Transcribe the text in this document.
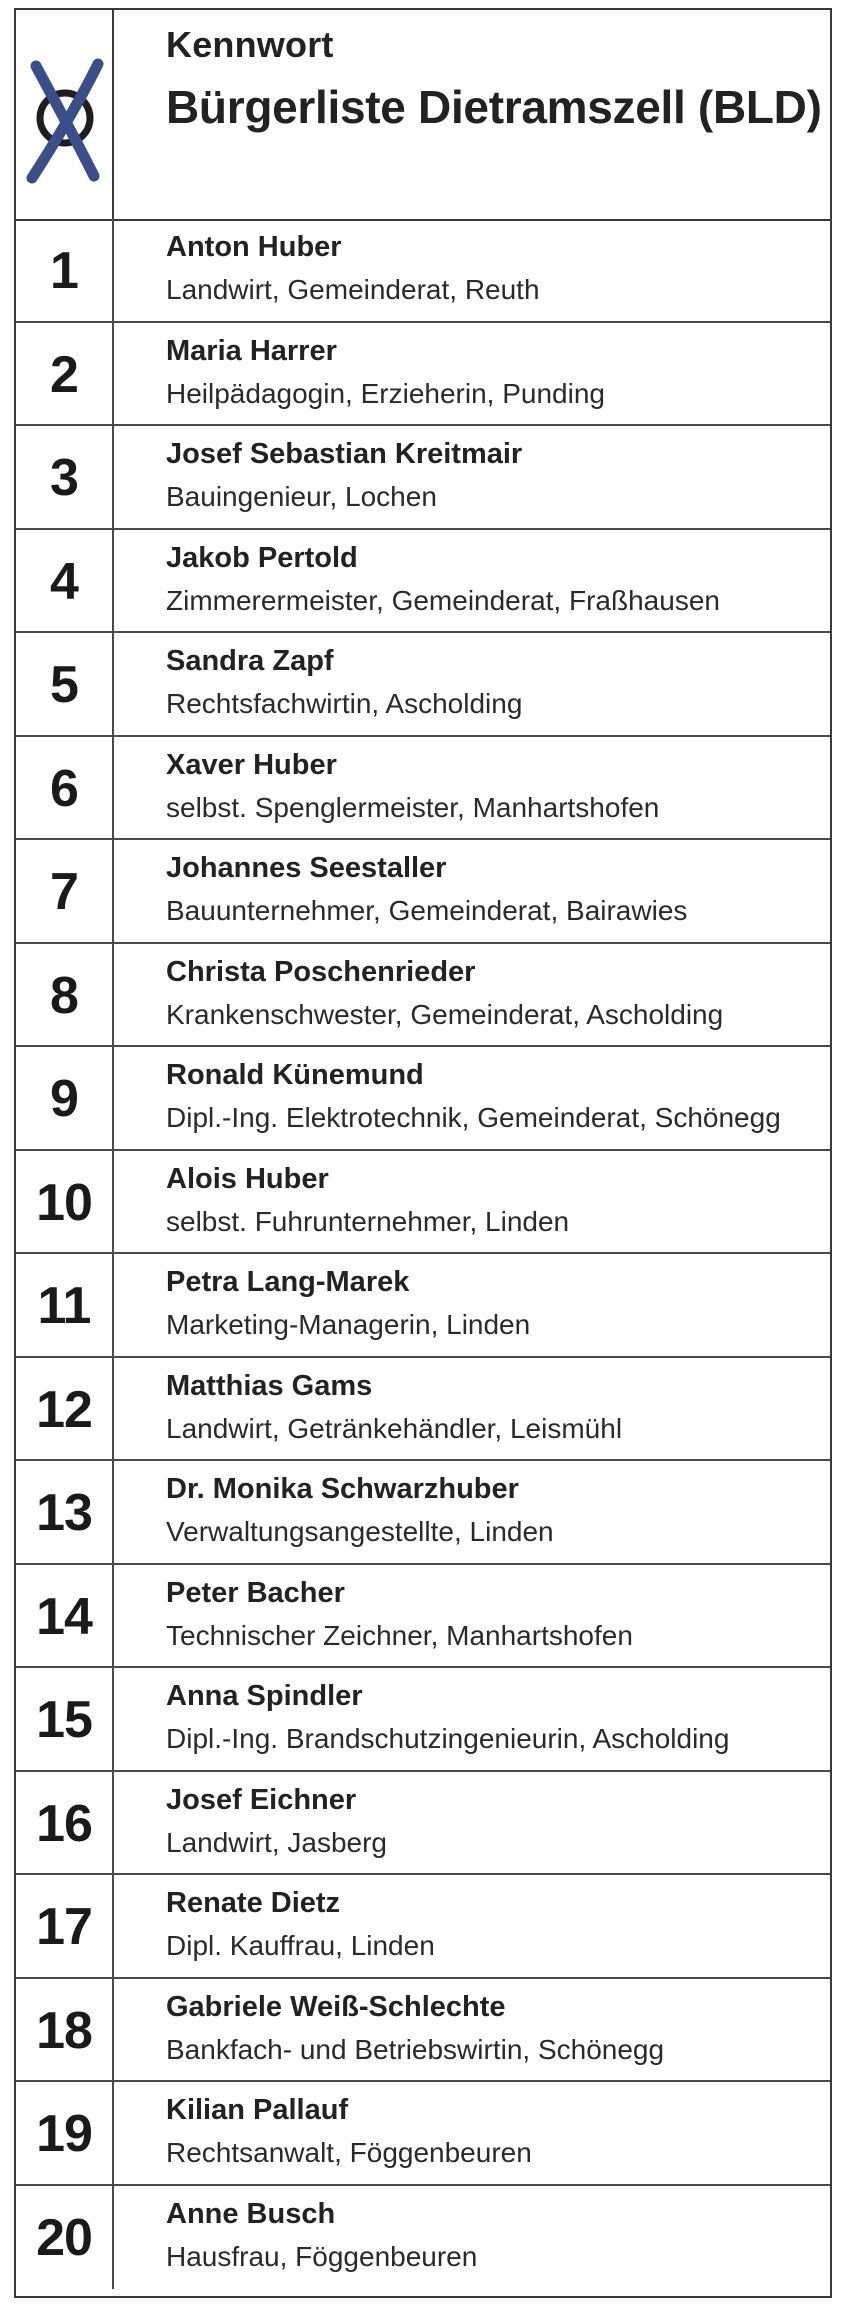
Kennwort
Bürgerliste Dietramszell (BLD)
1	Anton Huber
Landwirt, Gemeinderat, Reuth
2	Maria Harrer
Heilpädagogin, Erzieherin, Punding
3	Josef Sebastian Kreitmair
Bauingenieur, Lochen
4	Jakob Pertold
Zimmerermeister, Gemeinderat, Fraßhausen
5	Sandra Zapf
Rechtsfachwirtin, Ascholding
6	Xaver Huber
selbst. Spenglermeister, Manhartshofen
7	Johannes Seestaller
Bauunternehmer, Gemeinderat, Bairawies
8	Christa Poschenrieder
Krankenschwester, Gemeinderat, Ascholding
9	Ronald Künemund
Dipl.-Ing. Elektrotechnik, Gemeinderat, Schönegg
10	Alois Huber
selbst. Fuhrunternehmer, Linden
11	Petra Lang-Marek
Marketing-Managerin, Linden
12	Matthias Gams
Landwirt, Getränkehändler, Leismühl
13	Dr. Monika Schwarzhuber
Verwaltungsangestellte, Linden
14	Peter Bacher
Technischer Zeichner, Manhartshofen
15	Anna Spindler
Dipl.-Ing. Brandschutzingenieurin, Ascholding
16	Josef Eichner
Landwirt, Jasberg
17	Renate Dietz
Dipl. Kauffrau, Linden
18	Gabriele Weiß-Schlechte
Bankfach- und Betriebswirtin, Schönegg
19	Kilian Pallauf
Rechtsanwalt, Föggenbeuren
20	Anne Busch
Hausfrau, Föggenbeuren
